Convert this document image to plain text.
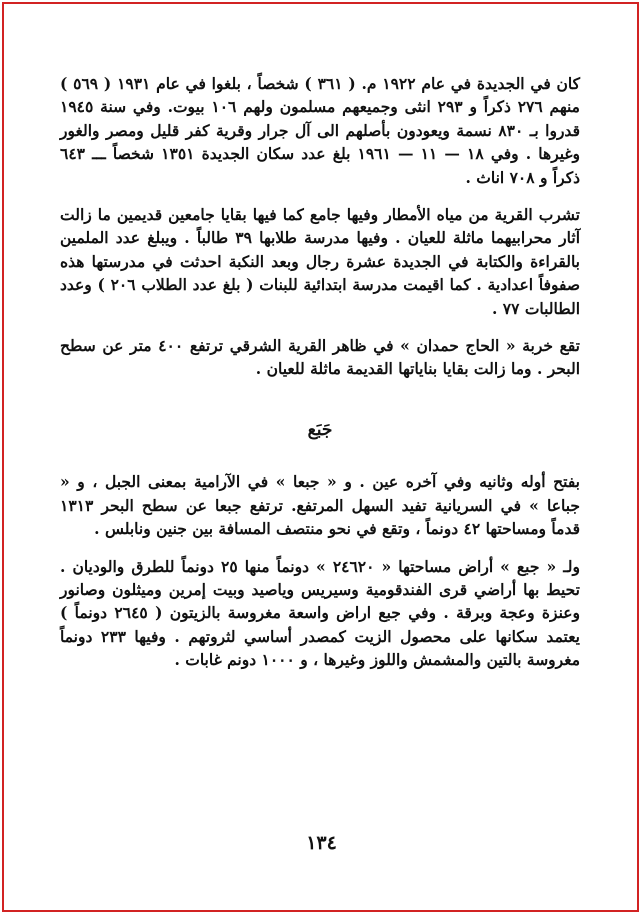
كان في الجديدة في عام ١٩٢٢ م. ( ٣٦١ ) شخصاً ، بلغوا في عام ١٩٣١ ( ٥٦٩ ) منهم ٢٧٦ ذكراً و ٢٩٣ انثى وجميعهم مسلمون ولهم ١٠٦ بيوت. وفي سنة ١٩٤٥ قدروا بـ ٨٣٠ نسمة ويعودون بأصلهم الى آل جرار وقرية كفر قليل ومصر والغور وغيرها . وفي ١٨ — ١١ — ١٩٦١ بلغ عدد سكان الجديدة ١٣٥١ شخصاً ـــ ٦٤٣ ذكراً و ٧٠٨ اناث .

تشرب القرية من مياه الأمطار وفيها جامع كما فيها بقايا جامعين قديمين ما زالت آثار محرابيهما ماثلة للعيان . وفيها مدرسة طلابها ٣٩ طالباً . ويبلغ عدد الملمين بالقراءة والكتابة في الجديدة عشرة رجال وبعد النكبة احدثت في مدرستها هذه صفوفاً اعدادية . كما اقيمت مدرسة ابتدائية للبنات ( بلغ عدد الطلاب ٢٠٦ ) وعدد الطالبات ٧٧ .

تقع خربة « الحاج حمدان » في ظاهر القرية الشرقي ترتفع ٤٠٠ متر عن سطح البحر . وما زالت بقايا بناياتها القديمة ماثلة للعيان .

جَبَع

بفتح أوله وثانيه وفي آخره عين . و « جبعا » في الآرامية بمعنى الجبل ، و « جباعا » في السريانية تفيد السهل المرتفع. ترتفع جبعا عن سطح البحر ١٣١٣ قدماً ومساحتها ٤٢ دونماً ، وتقع في نحو منتصف المسافة بين جنين ونابلس .

ولـ « جبع » أراض مساحتها « ٢٤٦٢٠ » دونماً منها ٢٥ دونماً للطرق والوديان . تحيط بها أراضي قرى الفندقومية وسيريس وياصيد وبيت إمرين وميثلون وصانور وعنزة وعجة وبرقة . وفي جبع اراض واسعة مغروسة بالزيتون ( ٢٦٤٥ دونماً ) يعتمد سكانها على محصول الزيت كمصدر أساسي لثروتهم . وفيها ٢٣٣ دونماً مغروسة بالتين والمشمش واللوز وغيرها ، و ١٠٠٠ دونم غابات .

١٣٤
